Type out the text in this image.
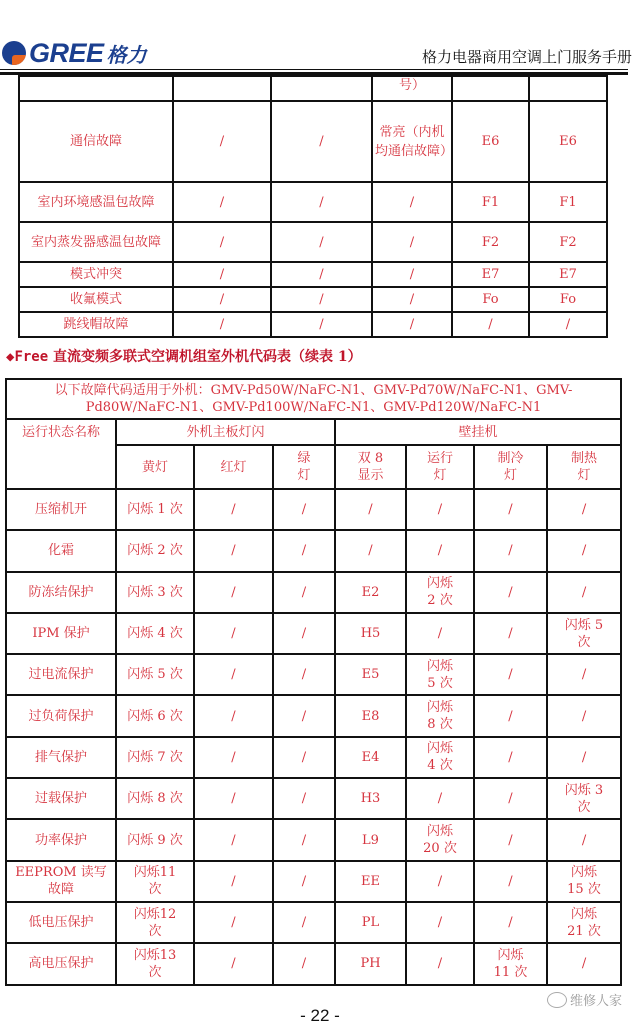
GREE 格力	格力电器商用空调上门服务手册
			号）		
通信故障	/	/	常亮（内机均通信故障）	E6	E6
室内环境感温包故障	/	/	/	F1	F1
室内蒸发器感温包故障	/	/	/	F2	F2
模式冲突	/	/	/	E7	E7
收氟模式	/	/	/	Fo	Fo
跳线帽故障	/	/	/	/	/
◆Free 直流变频多联式空调机组室外机代码表（续表 1）
以下故障代码适用于外机：GMV-Pd50W/NaFC-N1、GMV-Pd70W/NaFC-N1、GMV-Pd80W/NaFC-N1、GMV-Pd100W/NaFC-N1、GMV-Pd120W/NaFC-N1							
运行状态名称	外机主板灯闪			壁挂机			
	黄灯	红灯	绿灯	双 8 显示	运行灯	制冷灯	制热灯
压缩机开	闪烁 1 次	/	/	/	/	/	/
化霜	闪烁 2 次	/	/	/	/	/	/
防冻结保护	闪烁 3 次	/	/	E2	闪烁 2 次	/	/
IPM 保护	闪烁 4 次	/	/	H5	/	/	闪烁 5 次
过电流保护	闪烁 5 次	/	/	E5	闪烁 5 次	/	/
过负荷保护	闪烁 6 次	/	/	E8	闪烁 8 次	/	/
排气保护	闪烁 7 次	/	/	E4	闪烁 4 次	/	/
过载保护	闪烁 8 次	/	/	H3	/	/	闪烁 3 次
功率保护	闪烁 9 次	/	/	L9	闪烁 20 次	/	/
EEPROM 读写故障	闪烁11 次	/	/	EE	/	/	闪烁 15 次
低电压保护	闪烁12 次	/	/	PL	/	/	闪烁 21 次
高电压保护	闪烁13 次	/	/	PH	/	闪烁 11 次	/
维修人家
- 22 -
